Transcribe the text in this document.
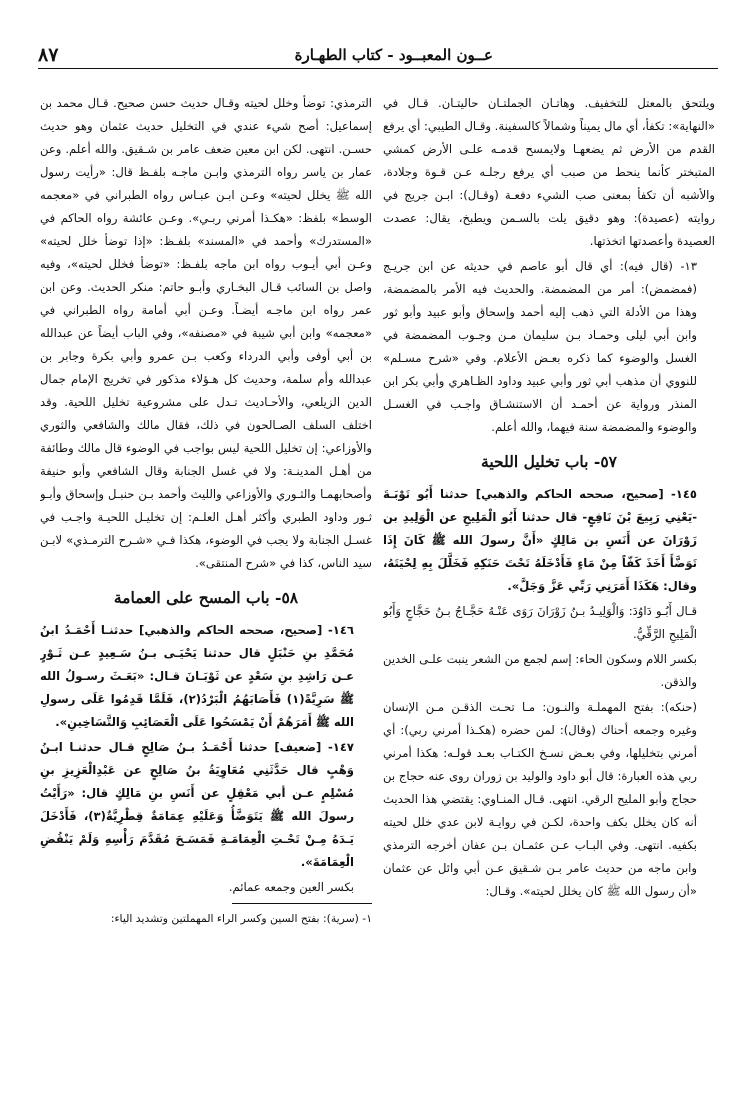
٨٧	عــون المعبــود - كتاب الطهـارة

ويلتحق بالمعتل للتخفيف. وهاتـان الجملتـان حاليتـان. قـال في «النهاية»: تكفأ، أي مال يميناً وشمالاً كالسفينة. وقـال الطيبي: أي يرفع القدم من الأرض ثم يضعهـا ولايمسح قدمـه علـى الأرض كمشي المتبختر كأنما ينحط من صبب أي يرفع رجلـه عـن قـوة وجلادة، والأشبه أن تكفأ بمعنى صب الشيء دفعـة (وقـال): ابـن جريج في روايته (عصيدة): وهو دقيق يلت بالسـمن ويطبخ، يقال: عصدت العصيدة وأعصدتها اتخذتها.

١٣- (قال فيه): أي قال أبو عاصم في حديثه عن ابن جريـج (فمضمض): أمر من المضمضة. والحديث فيه الأمر بالمضمضة، وهذا من الأدلة التي ذهب إليه أحمد وإسحاق وأبو عبيد وأبو ثور وابن أبي ليلى وحمـاد بـن سليمان مـن وجـوب المضمضة في الغسل والوضوء كما ذكره بعـض الأعلام. وفي «شرح مسـلم» للنووي أن مذهب أبي ثور وأبي عبيد وداود الظـاهري وأبي بكر ابن المنذر ورواية عن أحمـد أن الاستنشـاق واجـب في الغسـل والوضوء والمضمضة سنة فيهما، والله أعلم.

٥٧- باب تخليل اللحية

١٤٥- [صحيح، صححه الحاكم والذهبي] حدثنا أَبُو تَوْبَـةَ -يَعْنِي رَبِيعَ بْنَ نَافِعٍ- قال حدثنا أَبُو الْمَلِيحِ عن الْوَلِيدِ بن زَوْرَانَ عن أَنَسِ بن مَالِكٍ «أَنَّ رسولَ الله ﷺ كَانَ إِذَا تَوَضَّأَ أَخَذَ كَفّاً مِنْ مَاءٍ فَأَدْخَلَهُ تَحْتَ حَنَكِهِ فَخَلَّلَ بِهِ لِحْيَتَهُ، وقال: هَكَذَا أَمَرَنِي رَبِّي عَزَّ وَجَلَّ».

قـال أَبُـو دَاوُدَ: وَالْوَلِيـدُ بـنُ زَوْرَانَ رَوَى عَنْـهُ حَجَّـاجُ بـنُ حَجَّاجٍ وَأَبُو الْمَلِيحِ الرَّقِّيُّ.

بكسر اللام وسكون الحاء: إسم لجمع من الشعر ينبت علـى الخدين والذقن.

(حنكه): بفتح المهملـة والنـون: مـا تحـت الذقـن مـن الإنسان وغيره وجمعه أحناك (وقال): لمن حضره (هكـذا أمرني ربي): أي أمرني بتخليلها، وفي بعـض نسـخ الكتـاب بعـد قولـه: هكذا أمرني ربي هذه العبارة: قال أبو داود والوليد بن زوران روى عنه حجاج بن حجاج وأبو المليح الرقي. انتهى. قـال المنـاوي: يقتضي هذا الحديث أنه كان يخلل بكف واحدة، لكـن في روايـة لابن عدي خلل لحيته بكفيه. انتهى. وفي البـاب عـن عثمـان بـن عفان أخرجه الترمذي وابن ماجه من حديث عامر بـن شـقيق عـن أبي وائل عن عثمان «أن رسول الله ﷺ كان يخلل لحيته». وقـال:

الترمذي: توضأ وخلل لحيته وقـال حديث حسن صحيح. قـال محمد بن إسماعيل: أصح شيء عندي في التخليل حديث عثمان وهو حديث حسـن. انتهى. لكن ابن معين ضعف عامر بن شـقيق. والله أعلم. وعن عمار بن ياسر رواه الترمذي وابـن ماجـه بلفـظ قال: «رأيت رسول الله ﷺ يخلل لحيته» وعـن ابـن عبـاس رواه الطبراني في «معجمه الوسط» بلفظ: «هكـذا أمرني ربـي». وعـن عائشة رواه الحاكم في «المستدرك» وأحمد في «المسند» بلفـظ: «إذا توضأ خلل لحيته» وعـن أبي أيـوب رواه ابن ماجه بلفـظ: «توضأ فخلل لحيته»، وفيه واصل بن السائب قـال البخـاري وأبـو حاتم: منكر الحديث. وعن ابن عمر رواه ابن ماجـه أيضـاً. وعـن أبي أمامة رواه الطبراني في «معجمه» وابن أبي شيبة في «مصنفه»، وفي الباب أيضاً عن عبدالله بن أبي أوفى وأبي الدرداء وكعب بـن عمرو وأبي بكرة وجابر بن عبدالله وأم سلمة، وحديث كل هـؤلاء مذكور في تخريج الإمام جمال الدين الزيلعي، والأحـاديث تـدل على مشروعية تخليل اللحية. وقد اختلف السلف الصـالحون في ذلك، فقال مالك والشافعي والثوري والأوزاعي: إن تخليل اللحية ليس بواجب في الوضوء قال مالك وطائفة من أهـل المدينـة: ولا في غسل الجنابة وقال الشافعي وأبو حنيفة وأصحابهمـا والثـوري والأوزاعي والليث وأحمد بـن حنبـل وإسحاق وأبـو ثـور وداود الطبري وأكثر أهـل العلـم: إن تخليـل اللحيـة واجـب في غسـل الجنابة ولا يجب في الوضوء، هكذا فـي «شـرح الترمـذي» لابـن سيد الناس، كذا في «شرح المنتقى».

٥٨- باب المسح على العمامة

١٤٦- [صحيح، صححه الحاكم والذهبي] حدثنـا أَحْمَـدُ ابنُ مُحَمَّدِ بنِ حَنْبَلٍ قال حدثنا يَحْيَـى بـنُ سَـعِيدٍ عـن ثَـوْرٍ عـن رَاشِدِ بنِ سَعْدٍ عن ثَوْبَـانَ قـال: «بَعَـثَ رسـولُ الله ﷺ سَرِيَّةً(١) فَأَصَابَهُمُ الْبَرْدُ(٢)، فَلَمَّا قَدِمُوا عَلَى رسولِ الله ﷺ أَمَرَهُمْ أَنْ يَمْسَحُوا عَلَى الْعَصَائِبِ وَالتَّسَاخِينِ».

١٤٧- [ضعيف] حدثنا أَحْمَـدُ بـنُ صَالِحٍ قـال حدثنـا ابـنُ وَهْبٍ قال حَدَّثَنِي مُعَاوِيَةُ بنُ صَالِحٍ عن عَبْدِالْعَزِيزِ بنِ مُسْلِمٍ عـن أبي مَعْقِلٍ عن أَنَسِ بنِ مَالِكٍ قال: «رَأَيْتُ رسولَ الله ﷺ يَتَوَضَّأُ وَعَلَيْهِ عِمَامَةٌ قِطْرِيَّةٌ(٣)، فَأَدْخَلَ يَـدَهُ مِـنْ تَحْـتِ الْعِمَامَـةِ فَمَسَـحَ مُقَدَّمَ رَأْسِهِ وَلَمْ يَنْقُضِ الْعِمَامَةَ».

بكسر العين وجمعه عمائم.

١- (سرية): بفتح السين وكسر الراء المهملتين وتشديد الياء:
